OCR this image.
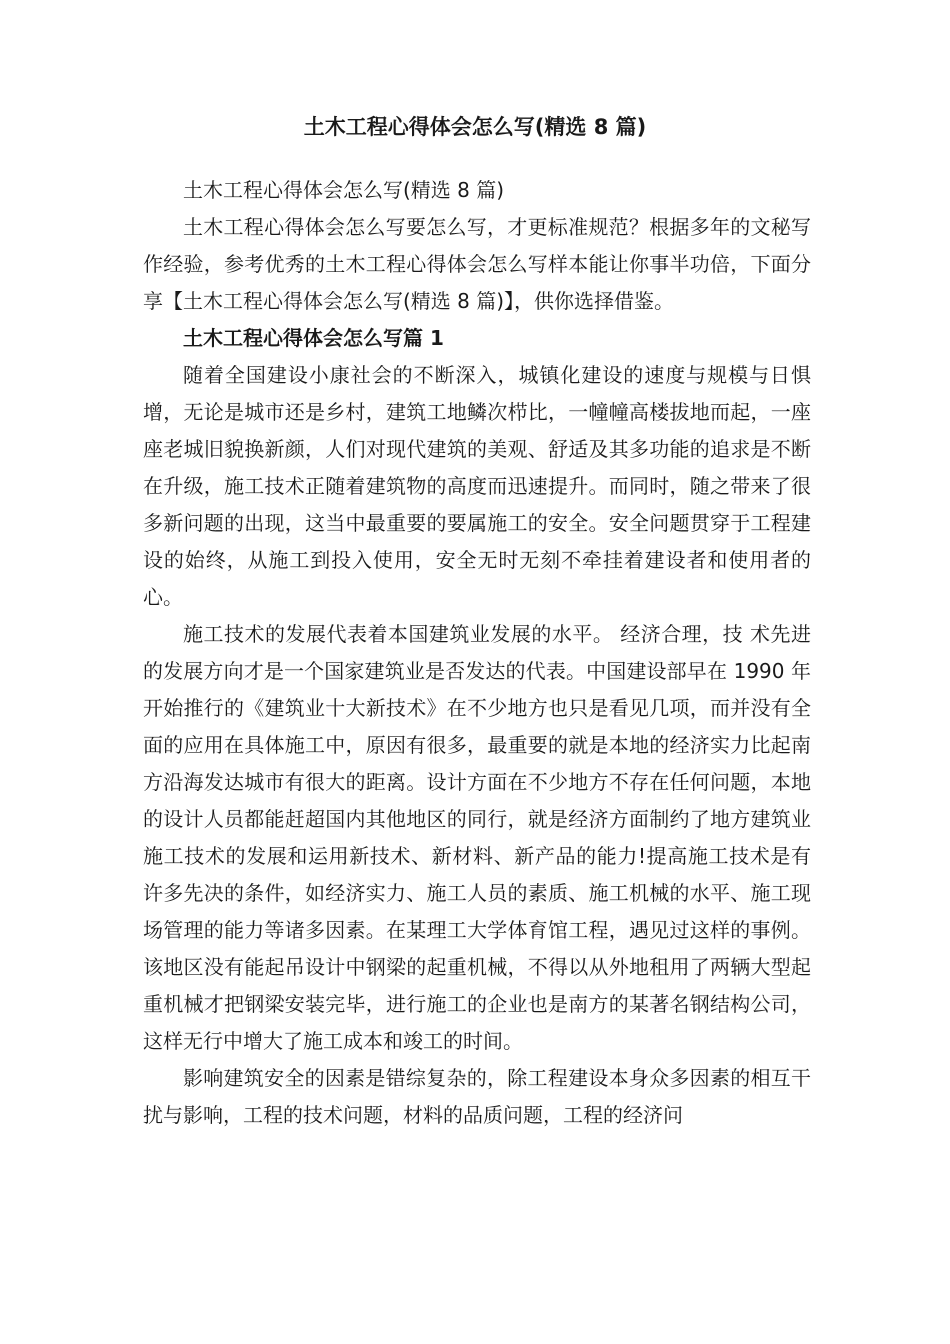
土木工程心得体会怎么写(精选 8 篇)

土木工程心得体会怎么写(精选 8 篇)

土木工程心得体会怎么写要怎么写，才更标准规范？根据多年的文秘写作经验，参考优秀的土木工程心得体会怎么写样本能让你事半功倍，下面分享【土木工程心得体会怎么写(精选 8 篇)】，供你选择借鉴。

土木工程心得体会怎么写篇 1

随着全国建设小康社会的不断深入，城镇化建设的速度与规模与日惧增，无论是城市还是乡村，建筑工地鳞次栉比，一幢幢高楼拔地而起，一座座老城旧貌换新颜，人们对现代建筑的美观、舒适及其多功能的追求是不断在升级，施工技术正随着建筑物的高度而迅速提升。而同时，随之带来了很多新问题的出现，这当中最重要的要属施工的安全。安全问题贯穿于工程建设的始终，从施工到投入使用，安全无时无刻不牵挂着建设者和使用者的心。

施工技术的发展代表着本国建筑业发展的水平。 经济合理，技 术先进 的发展方向才是一个国家建筑业是否发达的代表。中国建设部早在 1990 年开始推行的《建筑业十大新技术》在不少地方也只是看见几项，而并没有全面的应用在具体施工中，原因有很多，最重要的就是本地的经济实力比起南方沿海发达城市有很大的距离。设计方面在不少地方不存在任何问题，本地的设计人员都能赶超国内其他地区的同行，就是经济方面制约了地方建筑业施工技术的发展和运用新技术、新材料、新产品的能力!提高施工技术是有许多先决的条件，如经济实力、施工人员的素质、施工机械的水平、施工现场管理的能力等诸多因素。在某理工大学体育馆工程，遇见过这样的事例。该地区没有能起吊设计中钢梁的起重机械，不得以从外地租用了两辆大型起重机械才把钢梁安装完毕，进行施工的企业也是南方的某著名钢结构公司，这样无行中增大了施工成本和竣工的时间。

影响建筑安全的因素是错综复杂的，除工程建设本身众多因素的相互干扰与影响，工程的技术问题，材料的品质问题，工程的经济问
